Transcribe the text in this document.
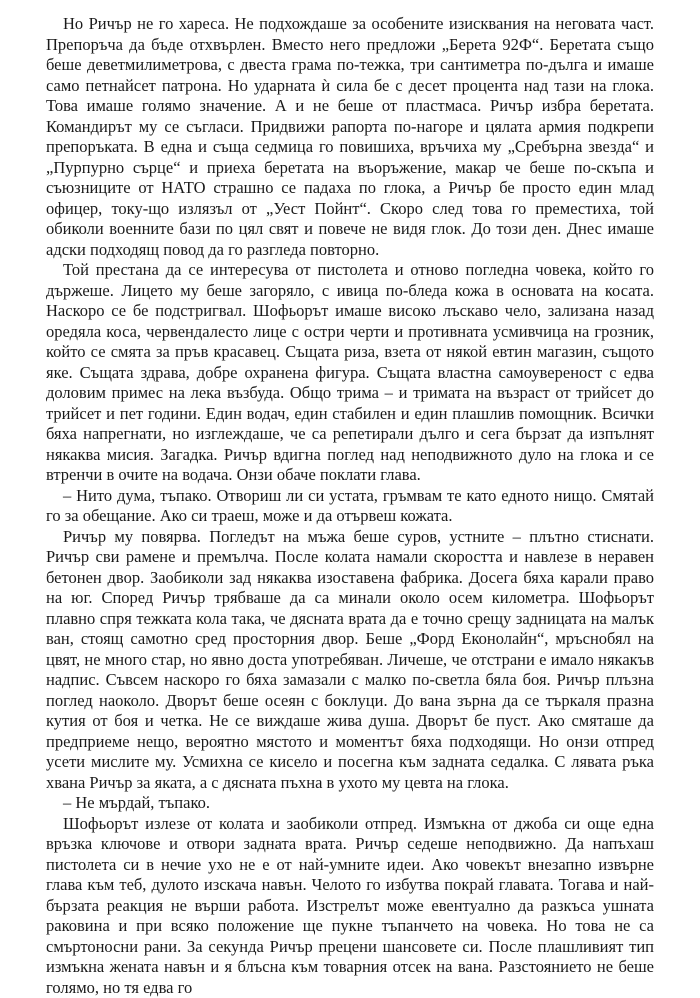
Но Ричър не го хареса. Не подхождаше за особените изисквания на неговата част. Препоръча да бъде отхвърлен. Вместо него предложи „Берета 92Ф“. Беретата също беше деветмилиметрова, с двеста грама по-тежка, три сантиметра по-дълга и имаше само петнайсет патрона. Но ударната ѝ сила бе с десет процента над тази на глока. Това имаше голямо значение. А и не беше от пластмаса. Ричър избра беретата. Командирът му се съгласи. Придвижи рапорта по-нагоре и цялата армия подкрепи препоръката. В една и съща седмица го повишиха, връчиха му „Сребърна звезда“ и „Пурпурно сърце“ и приеха беретата на въоръжение, макар че беше по-скъпа и съюзниците от НАТО страшно се падаха по глока, а Ричър бе просто един млад офицер, току-що излязъл от „Уест Пойнт“. Скоро след това го преместиха, той обиколи военните бази по цял свят и повече не видя глок. До този ден. Днес имаше адски подходящ повод да го разгледа повторно.

Той престана да се интересува от пистолета и отново погледна човека, който го държеше. Лицето му беше загоряло, с ивица по-бледа кожа в основата на косата. Наскоро се бе подстригвал. Шофьорът имаше високо лъскаво чело, зализана назад оредяла коса, червендалесто лице с остри черти и противната усмивчица на грозник, който се смята за пръв красавец. Същата риза, взета от някой евтин магазин, същото яке. Същата здрава, добре охранена фигура. Същата властна самоувереност с едва доловим примес на лека възбуда. Общо трима – и тримата на възраст от трийсет до трийсет и пет години. Един водач, един стабилен и един плашлив помощник. Всички бяха напрегнати, но изглеждаше, че са репетирали дълго и сега бързат да изпълнят някаква мисия. Загадка. Ричър вдигна поглед над неподвижното дуло на глока и се втренчи в очите на водача. Онзи обаче поклати глава.

– Нито дума, тъпако. Отвориш ли си устата, гръмвам те като едното нищо. Смятай го за обещание. Ако си траеш, може и да отървеш кожата.

Ричър му повярва. Погледът на мъжа беше суров, устните – плътно стиснати. Ричър сви рамене и премълча. После колата намали скоростта и навлезе в неравен бетонен двор. Заобиколи зад някаква изоставена фабрика. Досега бяха карали право на юг. Според Ричър трябваше да са минали около осем километра. Шофьорът плавно спря тежката кола така, че дясната врата да е точно срещу задницата на малък ван, стоящ самотно сред просторния двор. Беше „Форд Еконолайн“, мръснобял на цвят, не много стар, но явно доста употребяван. Личеше, че отстрани е имало някакъв надпис. Съвсем наскоро го бяха замазали с малко по-светла бяла боя. Ричър плъзна поглед наоколо. Дворът беше осеян с боклуци. До вана зърна да се търкаля празна кутия от боя и четка. Не се виждаше жива душа. Дворът бе пуст. Ако смяташе да предприеме нещо, вероятно мястото и моментът бяха подходящи. Но онзи отпред усети мислите му. Усмихна се кисело и посегна към задната седалка. С лявата ръка хвана Ричър за яката, а с дясната пъхна в ухото му цевта на глока.

– Не мърдай, тъпако.

Шофьорът излезе от колата и заобиколи отпред. Измъкна от джоба си още една връзка ключове и отвори задната врата. Ричър седеше неподвижно. Да напъхаш пистолета си в нечие ухо не е от най-умните идеи. Ако човекът внезапно извърне глава към теб, дулото изскача навън. Челото го избутва покрай главата. Тогава и най-бързата реакция не върши работа. Изстрелът може евентуално да разкъса ушната раковина и при всяко положение ще пукне тъпанчето на човека. Но това не са смъртоносни рани. За секунда Ричър прецени шансовете си. После плашливият тип измъкна жената навън и я блъсна към товарния отсек на вана. Разстоянието не беше голямо, но тя едва го
